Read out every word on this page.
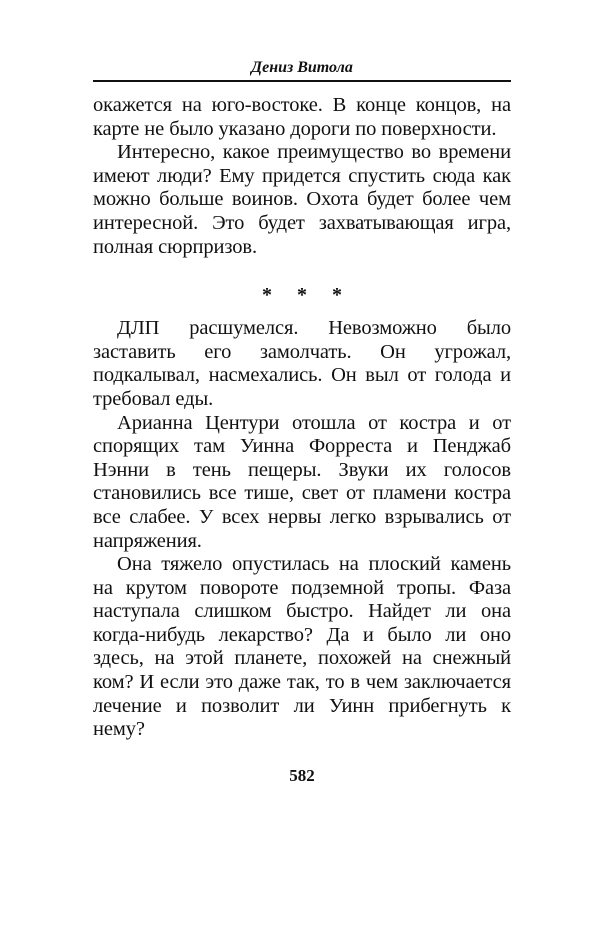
Дениз Витола

окажется на юго-востоке. В конце концов, на карте не было указано дороги по поверхности.

Интересно, какое преимущество во времени имеют люди? Ему придется спустить сюда как можно больше воинов. Охота будет более чем интересной. Это будет захватывающая игра, полная сюрпризов.

* * *

ДЛП расшумелся. Невозможно было заставить его замолчать. Он угрожал, подкалывал, насмехались. Он выл от голода и требовал еды.

Арианна Центури отошла от костра и от спорящих там Уинна Форреста и Пенджаб Нэнни в тень пещеры. Звуки их голосов становились все тише, свет от пламени костра все слабее. У всех нервы легко взрывались от напряжения.

Она тяжело опустилась на плоский камень на крутом повороте подземной тропы. Фаза наступала слишком быстро. Найдет ли она когда-нибудь лекарство? Да и было ли оно здесь, на этой планете, похожей на снежный ком? И если это даже так, то в чем заключается лечение и позволит ли Уинн прибегнуть к нему?

582
